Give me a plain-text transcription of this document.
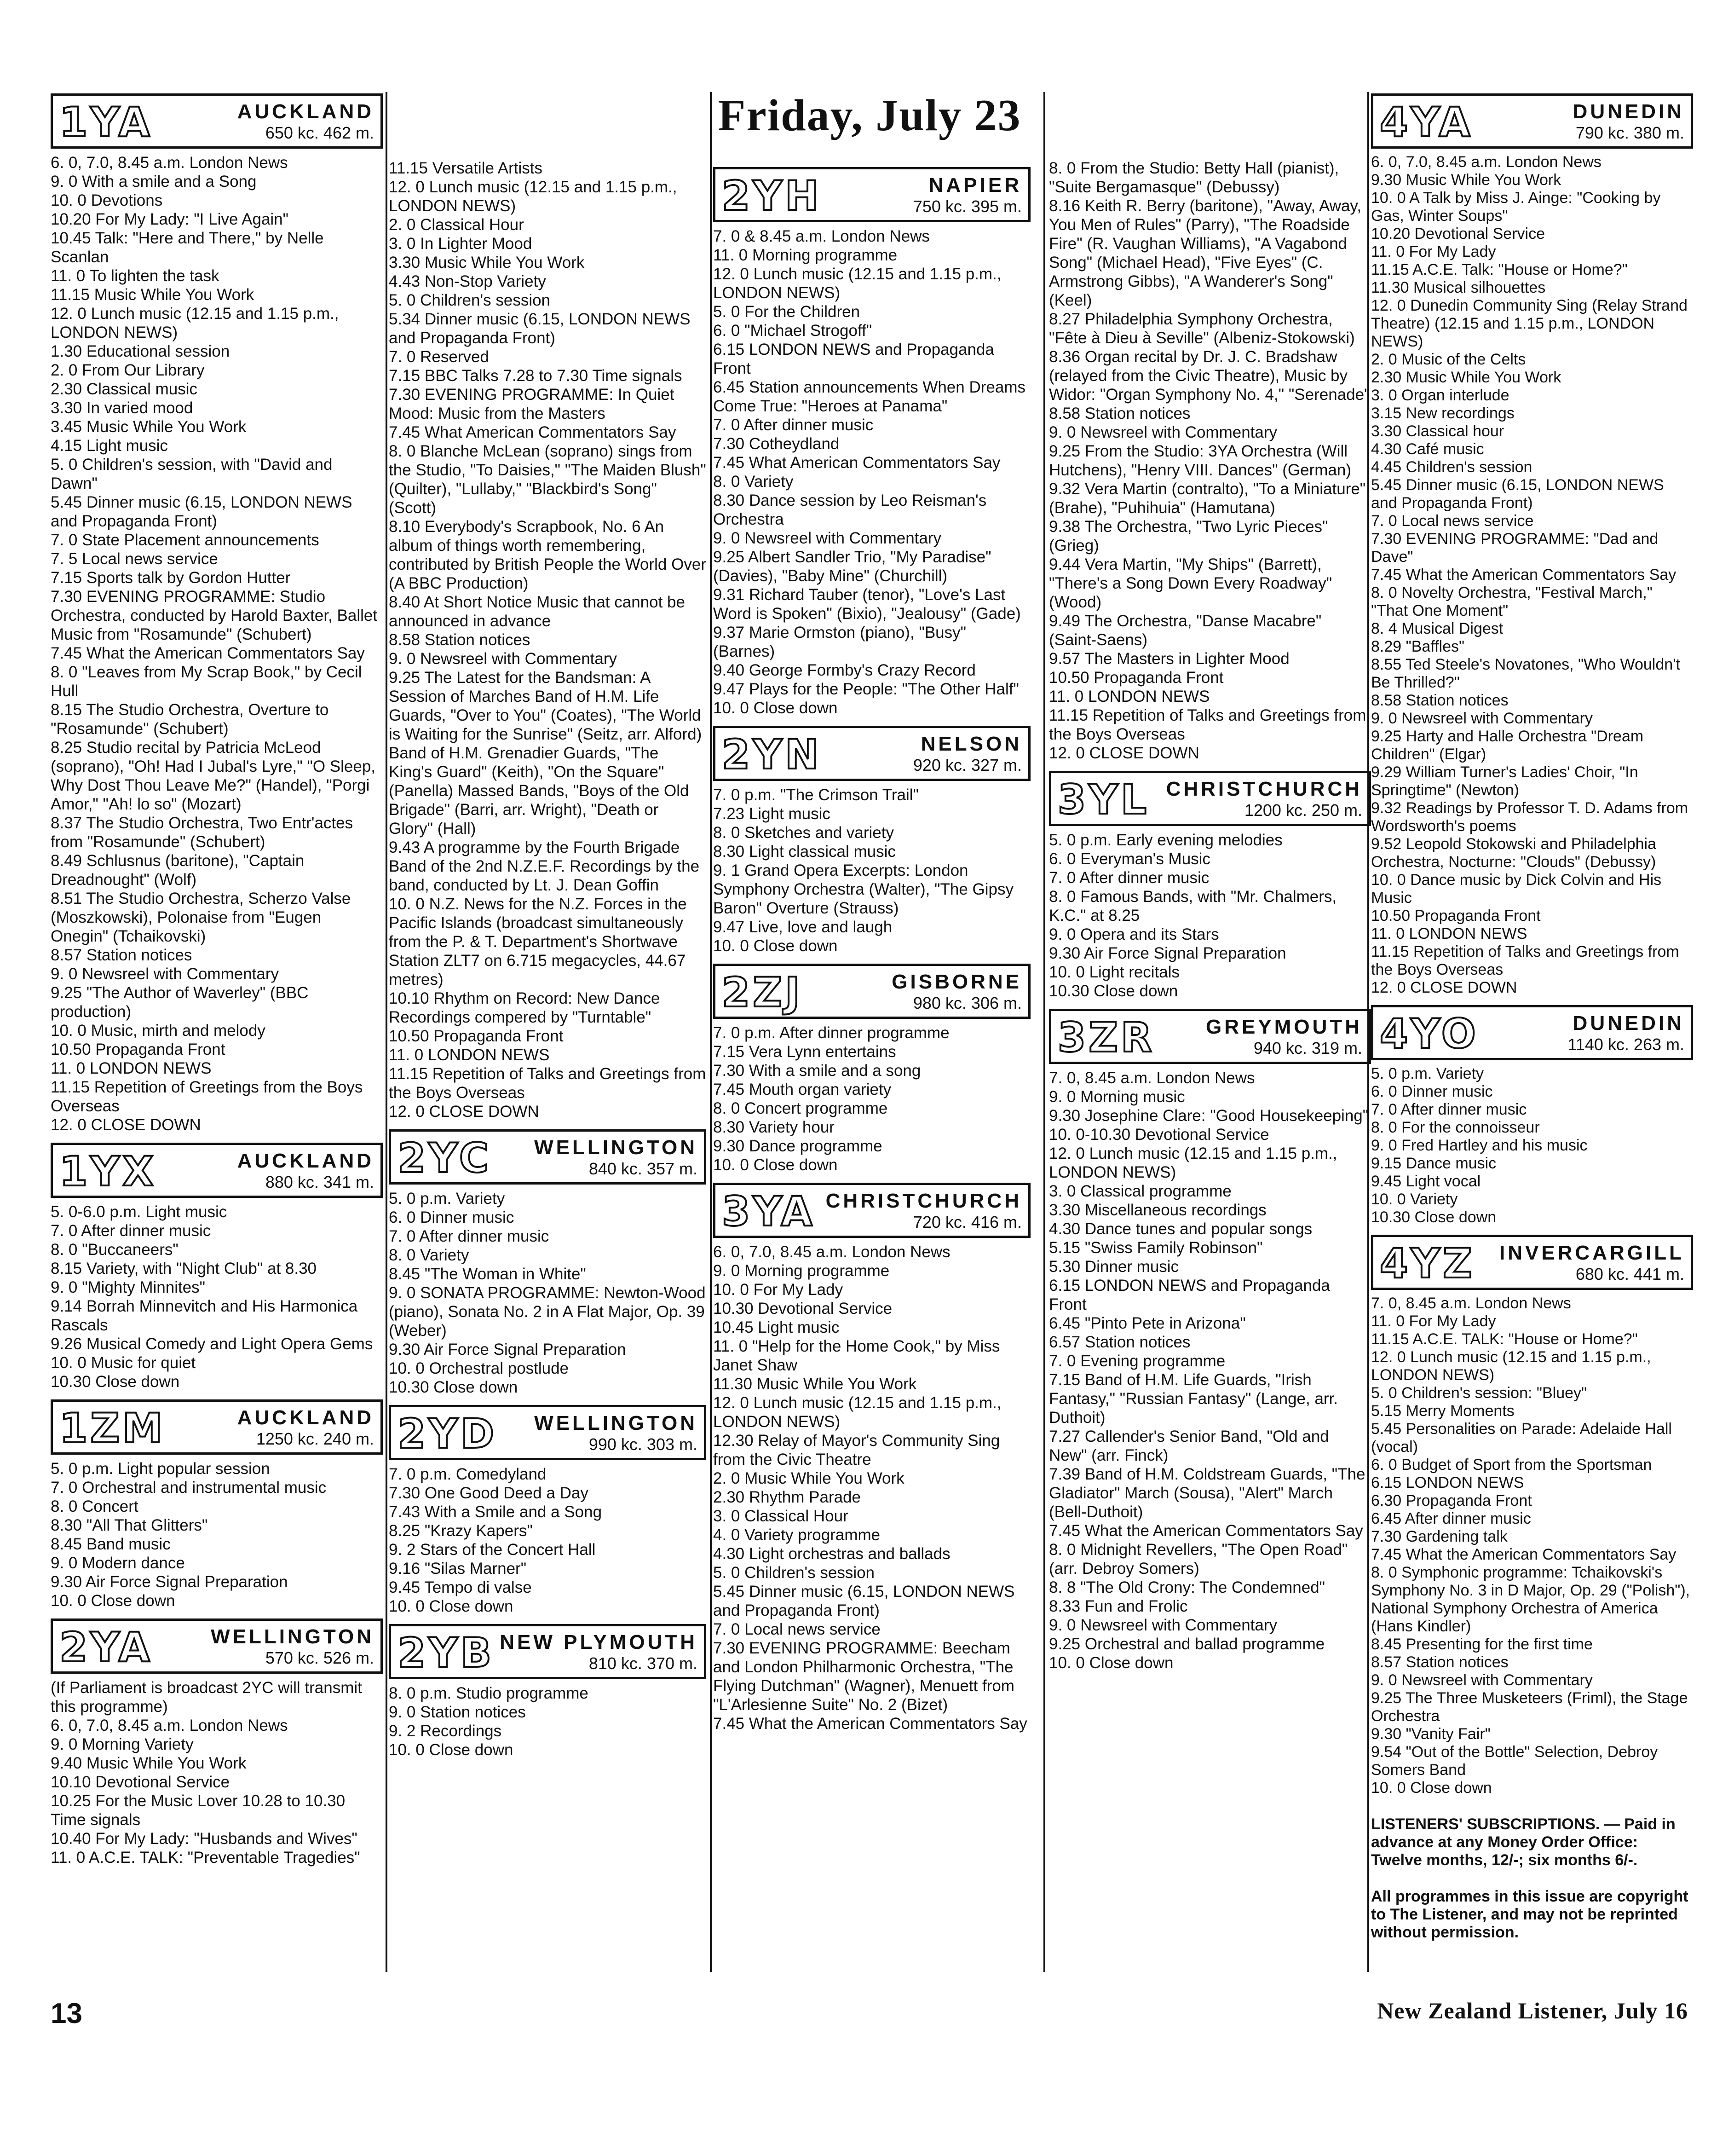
Friday, July 23
1YA	AUCKLAND
650 kc. 462 m.

6. 0, 7.0, 8.45 a.m. London News

9. 0 With a smile and a Song

10. 0 Devotions

10.20 For My Lady: "I Live Again"

10.45 Talk: "Here and There," by Nelle Scanlan

11. 0 To lighten the task

11.15 Music While You Work

12. 0 Lunch music (12.15 and 1.15 p.m., LONDON NEWS)

1.30 Educational session

2. 0 From Our Library

2.30 Classical music

3.30 In varied mood

3.45 Music While You Work

4.15 Light music

5. 0 Children's session, with "David and Dawn"

5.45 Dinner music (6.15, LONDON NEWS and Propaganda Front)

7. 0 State Placement announcements

7. 5 Local news service

7.15 Sports talk by Gordon Hutter

7.30 EVENING PROGRAMME: Studio Orchestra, conducted by Harold Baxter, Ballet Music from "Rosamunde" (Schubert)

7.45 What the American Commentators Say

8. 0 "Leaves from My Scrap Book," by Cecil Hull

8.15 The Studio Orchestra, Overture to "Rosamunde" (Schubert)

8.25 Studio recital by Patricia McLeod (soprano), "Oh! Had I Jubal's Lyre," "O Sleep, Why Dost Thou Leave Me?" (Handel), "Porgi Amor," "Ah! lo so" (Mozart)

8.37 The Studio Orchestra, Two Entr'actes from "Rosamunde" (Schubert)

8.49 Schlusnus (baritone), "Captain Dreadnought" (Wolf)

8.51 The Studio Orchestra, Scherzo Valse (Moszkowski), Polonaise from "Eugen Onegin" (Tchaikovski)

8.57 Station notices

9. 0 Newsreel with Commentary

9.25 "The Author of Waverley" (BBC production)

10. 0 Music, mirth and melody

10.50 Propaganda Front

11. 0 LONDON NEWS

11.15 Repetition of Greetings from the Boys Overseas

12. 0 CLOSE DOWN

1YX	AUCKLAND
880 kc. 341 m.

5. 0-6.0 p.m. Light music

7. 0 After dinner music

8. 0 "Buccaneers"

8.15 Variety, with "Night Club" at 8.30

9. 0 "Mighty Minnites"

9.14 Borrah Minnevitch and His Harmonica Rascals

9.26 Musical Comedy and Light Opera Gems

10. 0 Music for quiet

10.30 Close down

1ZM	AUCKLAND
1250 kc. 240 m.

5. 0 p.m. Light popular session

7. 0 Orchestral and instrumental music

8. 0 Concert

8.30 "All That Glitters"

8.45 Band music

9. 0 Modern dance

9.30 Air Force Signal Preparation

10. 0 Close down

2YA	WELLINGTON
570 kc. 526 m.

(If Parliament is broadcast 2YC will transmit this programme)

6. 0, 7.0, 8.45 a.m. London News

9. 0 Morning Variety

9.40 Music While You Work

10.10 Devotional Service

10.25 For the Music Lover 10.28 to 10.30 Time signals

10.40 For My Lady: "Husbands and Wives"

11. 0 A.C.E. TALK: "Preventable Tragedies"

11.15 Versatile Artists

12. 0 Lunch music (12.15 and 1.15 p.m., LONDON NEWS)

2. 0 Classical Hour

3. 0 In Lighter Mood

3.30 Music While You Work

4.43 Non-Stop Variety

5. 0 Children's session

5.34 Dinner music (6.15, LONDON NEWS and Propaganda Front)

7. 0 Reserved

7.15 BBC Talks 7.28 to 7.30 Time signals

7.30 EVENING PROGRAMME: In Quiet Mood: Music from the Masters

7.45 What American Commentators Say

8. 0 Blanche McLean (soprano) sings from the Studio, "To Daisies," "The Maiden Blush" (Quilter), "Lullaby," "Blackbird's Song" (Scott)

8.10 Everybody's Scrapbook, No. 6 An album of things worth remembering, contributed by British People the World Over (A BBC Production)

8.40 At Short Notice Music that cannot be announced in advance

8.58 Station notices

9. 0 Newsreel with Commentary

9.25 The Latest for the Bandsman: A Session of Marches Band of H.M. Life Guards, "Over to You" (Coates), "The World is Waiting for the Sunrise" (Seitz, arr. Alford) Band of H.M. Grenadier Guards, "The King's Guard" (Keith), "On the Square" (Panella) Massed Bands, "Boys of the Old Brigade" (Barri, arr. Wright), "Death or Glory" (Hall)

9.43 A programme by the Fourth Brigade Band of the 2nd N.Z.E.F. Recordings by the band, conducted by Lt. J. Dean Goffin

10. 0 N.Z. News for the N.Z. Forces in the Pacific Islands (broadcast simultaneously from the P. & T. Department's Shortwave Station ZLT7 on 6.715 megacycles, 44.67 metres)

10.10 Rhythm on Record: New Dance Recordings compered by "Turntable"

10.50 Propaganda Front

11. 0 LONDON NEWS

11.15 Repetition of Talks and Greetings from the Boys Overseas

12. 0 CLOSE DOWN

2YC WELLINGTON
840 kc. 357 m.

5. 0 p.m. Variety

6. 0 Dinner music

7. 0 After dinner music

8. 0 Variety

8.45 "The Woman in White"

9. 0 SONATA PROGRAMME: Newton-Wood (piano), Sonata No. 2 in A Flat Major, Op. 39 (Weber)

9.30 Air Force Signal Preparation

10. 0 Orchestral postlude

10.30 Close down

2YD WELLINGTON
990 kc. 303 m.

7. 0 p.m. Comedyland

7.30 One Good Deed a Day

7.43 With a Smile and a Song

8.25 "Krazy Kapers"

9. 2 Stars of the Concert Hall

9.16 "Silas Marner"

9.45 Tempo di valse

10. 0 Close down

2YB NEW PLYMOUTH
810 kc. 370 m.

8. 0 p.m. Studio programme

9. 0 Station notices

9. 2 Recordings

10. 0 Close down

2YH	NAPIER
750 kc. 395 m.

7. 0 & 8.45 a.m. London News

11. 0 Morning programme

12. 0 Lunch music (12.15 and 1.15 p.m., LONDON NEWS)

5. 0 For the Children

6. 0 "Michael Strogoff"

6.15 LONDON NEWS and Propaganda Front

6.45 Station announcements When Dreams Come True: "Heroes at Panama"

7. 0 After dinner music

7.30 Cotheydland

7.45 What American Commentators Say

8. 0 Variety

8.30 Dance session by Leo Reisman's Orchestra

9. 0 Newsreel with Commentary

9.25 Albert Sandler Trio, "My Paradise" (Davies), "Baby Mine" (Churchill)

9.31 Richard Tauber (tenor), "Love's Last Word is Spoken" (Bixio), "Jealousy" (Gade)

9.37 Marie Ormston (piano), "Busy" (Barnes)

9.40 George Formby's Crazy Record

9.47 Plays for the People: "The Other Half"

10. 0 Close down

2YN	NELSON
920 kc. 327 m.

7. 0 p.m. "The Crimson Trail"

7.23 Light music

8. 0 Sketches and variety

8.30 Light classical music

9. 1 Grand Opera Excerpts: London Symphony Orchestra (Walter), "The Gipsy Baron" Overture (Strauss)

9.47 Live, love and laugh

10. 0 Close down

2ZJ	GISBORNE
980 kc. 306 m.

7. 0 p.m. After dinner programme

7.15 Vera Lynn entertains

7.30 With a smile and a song

7.45 Mouth organ variety

8. 0 Concert programme

8.30 Variety hour

9.30 Dance programme

10. 0 Close down

3YA CHRISTCHURCH
720 kc. 416 m.

6. 0, 7.0, 8.45 a.m. London News

9. 0 Morning programme

10. 0 For My Lady

10.30 Devotional Service

10.45 Light music

11. 0 "Help for the Home Cook," by Miss Janet Shaw

11.30 Music While You Work

12. 0 Lunch music (12.15 and 1.15 p.m., LONDON NEWS)

12.30 Relay of Mayor's Community Sing from the Civic Theatre

2. 0 Music While You Work

2.30 Rhythm Parade

3. 0 Classical Hour

4. 0 Variety programme

4.30 Light orchestras and ballads

5. 0 Children's session

5.45 Dinner music (6.15, LONDON NEWS and Propaganda Front)

7. 0 Local news service

7.30 EVENING PROGRAMME: Beecham and London Philharmonic Orchestra, "The Flying Dutchman" (Wagner), Menuett from "L'Arlesienne Suite" No. 2 (Bizet)

7.45 What the American Commentators Say

8. 0 From the Studio: Betty Hall (pianist), "Suite Bergamasque" (Debussy)

8.16 Keith R. Berry (baritone), "Away, Away, You Men of Rules" (Parry), "The Roadside Fire" (R. Vaughan Williams), "A Vagabond Song" (Michael Head), "Five Eyes" (C. Armstrong Gibbs), "A Wanderer's Song" (Keel)

8.27 Philadelphia Symphony Orchestra, "Fête à Dieu à Seville" (Albeniz-Stokowski)

8.36 Organ recital by Dr. J. C. Bradshaw (relayed from the Civic Theatre), Music by Widor: "Organ Symphony No. 4," "Serenade"

8.58 Station notices

9. 0 Newsreel with Commentary

9.25 From the Studio: 3YA Orchestra (Will Hutchens), "Henry VIII. Dances" (German)

9.32 Vera Martin (contralto), "To a Miniature" (Brahe), "Puhihuia" (Hamutana)

9.38 The Orchestra, "Two Lyric Pieces" (Grieg)

9.44 Vera Martin, "My Ships" (Barrett), "There's a Song Down Every Roadway" (Wood)

9.49 The Orchestra, "Danse Macabre" (Saint-Saens)

9.57 The Masters in Lighter Mood

10.50 Propaganda Front

11. 0 LONDON NEWS

11.15 Repetition of Talks and Greetings from the Boys Overseas

12. 0 CLOSE DOWN

3YL CHRISTCHURCH
1200 kc. 250 m.

5. 0 p.m. Early evening melodies

6. 0 Everyman's Music

7. 0 After dinner music

8. 0 Famous Bands, with "Mr. Chalmers, K.C." at 8.25

9. 0 Opera and its Stars

9.30 Air Force Signal Preparation

10. 0 Light recitals

10.30 Close down

3ZR	GREYMOUTH
940 kc. 319 m.

7. 0, 8.45 a.m. London News

9. 0 Morning music

9.30 Josephine Clare: "Good Housekeeping"

10. 0-10.30 Devotional Service

12. 0 Lunch music (12.15 and 1.15 p.m., LONDON NEWS)

3. 0 Classical programme

3.30 Miscellaneous recordings

4.30 Dance tunes and popular songs

5.15 "Swiss Family Robinson"

5.30 Dinner music

6.15 LONDON NEWS and Propaganda Front

6.45 "Pinto Pete in Arizona"

6.57 Station notices

7. 0 Evening programme

7.15 Band of H.M. Life Guards, "Irish Fantasy," "Russian Fantasy" (Lange, arr. Duthoit)

7.27 Callender's Senior Band, "Old and New" (arr. Finck)

7.39 Band of H.M. Coldstream Guards, "The Gladiator" March (Sousa), "Alert" March (Bell-Duthoit)

7.45 What the American Commentators Say

8. 0 Midnight Revellers, "The Open Road" (arr. Debroy Somers)

8. 8 "The Old Crony: The Condemned"

8.33 Fun and Frolic

9. 0 Newsreel with Commentary

9.25 Orchestral and ballad programme

10. 0 Close down

4YA	DUNEDIN
790 kc. 380 m.

6. 0, 7.0, 8.45 a.m. London News

9.30 Music While You Work

10. 0 A Talk by Miss J. Ainge: "Cooking by Gas, Winter Soups"

10.20 Devotional Service

11. 0 For My Lady

11.15 A.C.E. Talk: "House or Home?"

11.30 Musical silhouettes

12. 0 Dunedin Community Sing (Relay Strand Theatre) (12.15 and 1.15 p.m., LONDON NEWS)

2. 0 Music of the Celts

2.30 Music While You Work

3. 0 Organ interlude

3.15 New recordings

3.30 Classical hour

4.30 Café music

4.45 Children's session

5.45 Dinner music (6.15, LONDON NEWS and Propaganda Front)

7. 0 Local news service

7.30 EVENING PROGRAMME: "Dad and Dave"

7.45 What the American Commentators Say

8. 0 Novelty Orchestra, "Festival March," "That One Moment"

8. 4 Musical Digest

8.29 "Baffles"

8.55 Ted Steele's Novatones, "Who Wouldn't Be Thrilled?"

8.58 Station notices

9. 0 Newsreel with Commentary

9.25 Harty and Halle Orchestra "Dream Children" (Elgar)

9.29 William Turner's Ladies' Choir, "In Springtime" (Newton)

9.32 Readings by Professor T. D. Adams from Wordsworth's poems

9.52 Leopold Stokowski and Philadelphia Orchestra, Nocturne: "Clouds" (Debussy)

10. 0 Dance music by Dick Colvin and His Music

10.50 Propaganda Front

11. 0 LONDON NEWS

11.15 Repetition of Talks and Greetings from the Boys Overseas

12. 0 CLOSE DOWN

4YO	DUNEDIN
1140 kc. 263 m.

5. 0 p.m. Variety

6. 0 Dinner music

7. 0 After dinner music

8. 0 For the connoisseur

9. 0 Fred Hartley and his music

9.15 Dance music

9.45 Light vocal

10. 0 Variety

10.30 Close down

4YZ INVERCARGILL
680 kc. 441 m.

7. 0, 8.45 a.m. London News

11. 0 For My Lady

11.15 A.C.E. TALK: "House or Home?"

12. 0 Lunch music (12.15 and 1.15 p.m., LONDON NEWS)

5. 0 Children's session: "Bluey"

5.15 Merry Moments

5.45 Personalities on Parade: Adelaide Hall (vocal)

6. 0 Budget of Sport from the Sportsman

6.15 LONDON NEWS

6.30 Propaganda Front

6.45 After dinner music

7.30 Gardening talk

7.45 What the American Commentators Say

8. 0 Symphonic programme: Tchaikovski's Symphony No. 3 in D Major, Op. 29 ("Polish"), National Symphony Orchestra of America (Hans Kindler)

8.45 Presenting for the first time

8.57 Station notices

9. 0 Newsreel with Commentary

9.25 The Three Musketeers (Friml), the Stage Orchestra

9.30 "Vanity Fair"

9.54 "Out of the Bottle" Selection, Debroy Somers Band

10. 0 Close down

LISTENERS' SUBSCRIPTIONS. — Paid in advance at any Money Order Office: Twelve months, 12/-; six months 6/-.
All programmes in this issue are copyright to The Listener, and may not be reprinted without permission.
13	New Zealand Listener, July 16
